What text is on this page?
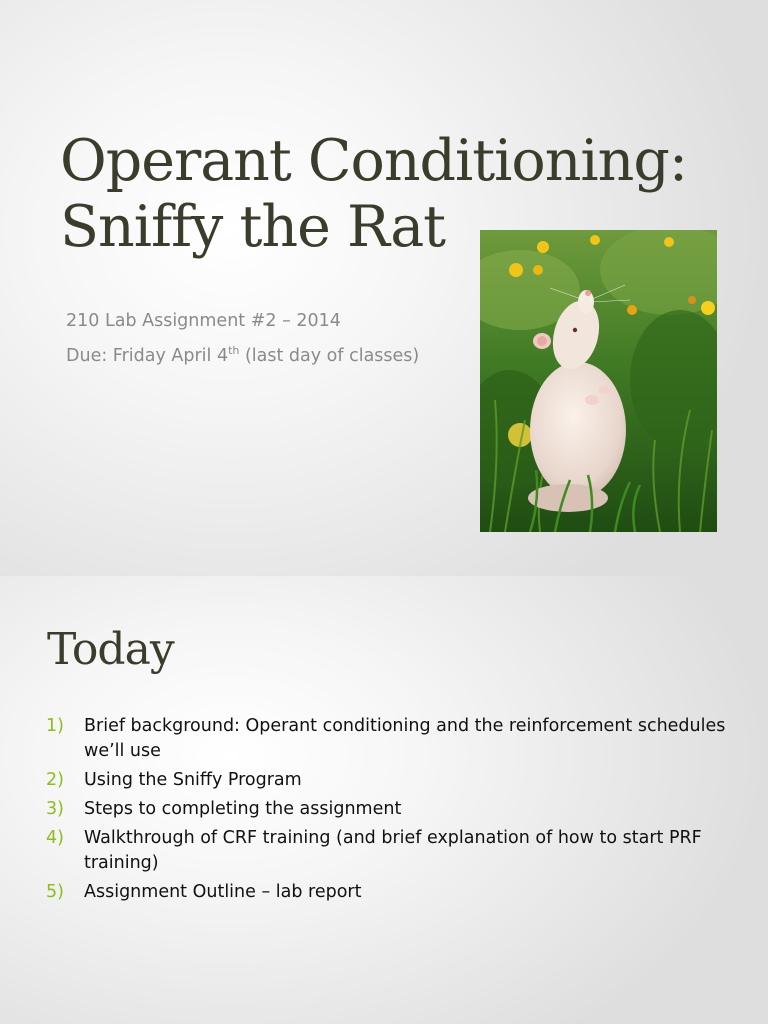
Operant Conditioning:
Sniffy the Rat
210 Lab Assignment #2 – 2014
Due: Friday April 4th (last day of classes)
Today
1) Brief background: Operant conditioning and the reinforcement schedules we’ll use
2) Using the Sniffy Program
3) Steps to completing the assignment
4) Walkthrough of CRF training (and brief explanation of how to start PRF training)
5) Assignment Outline – lab report
